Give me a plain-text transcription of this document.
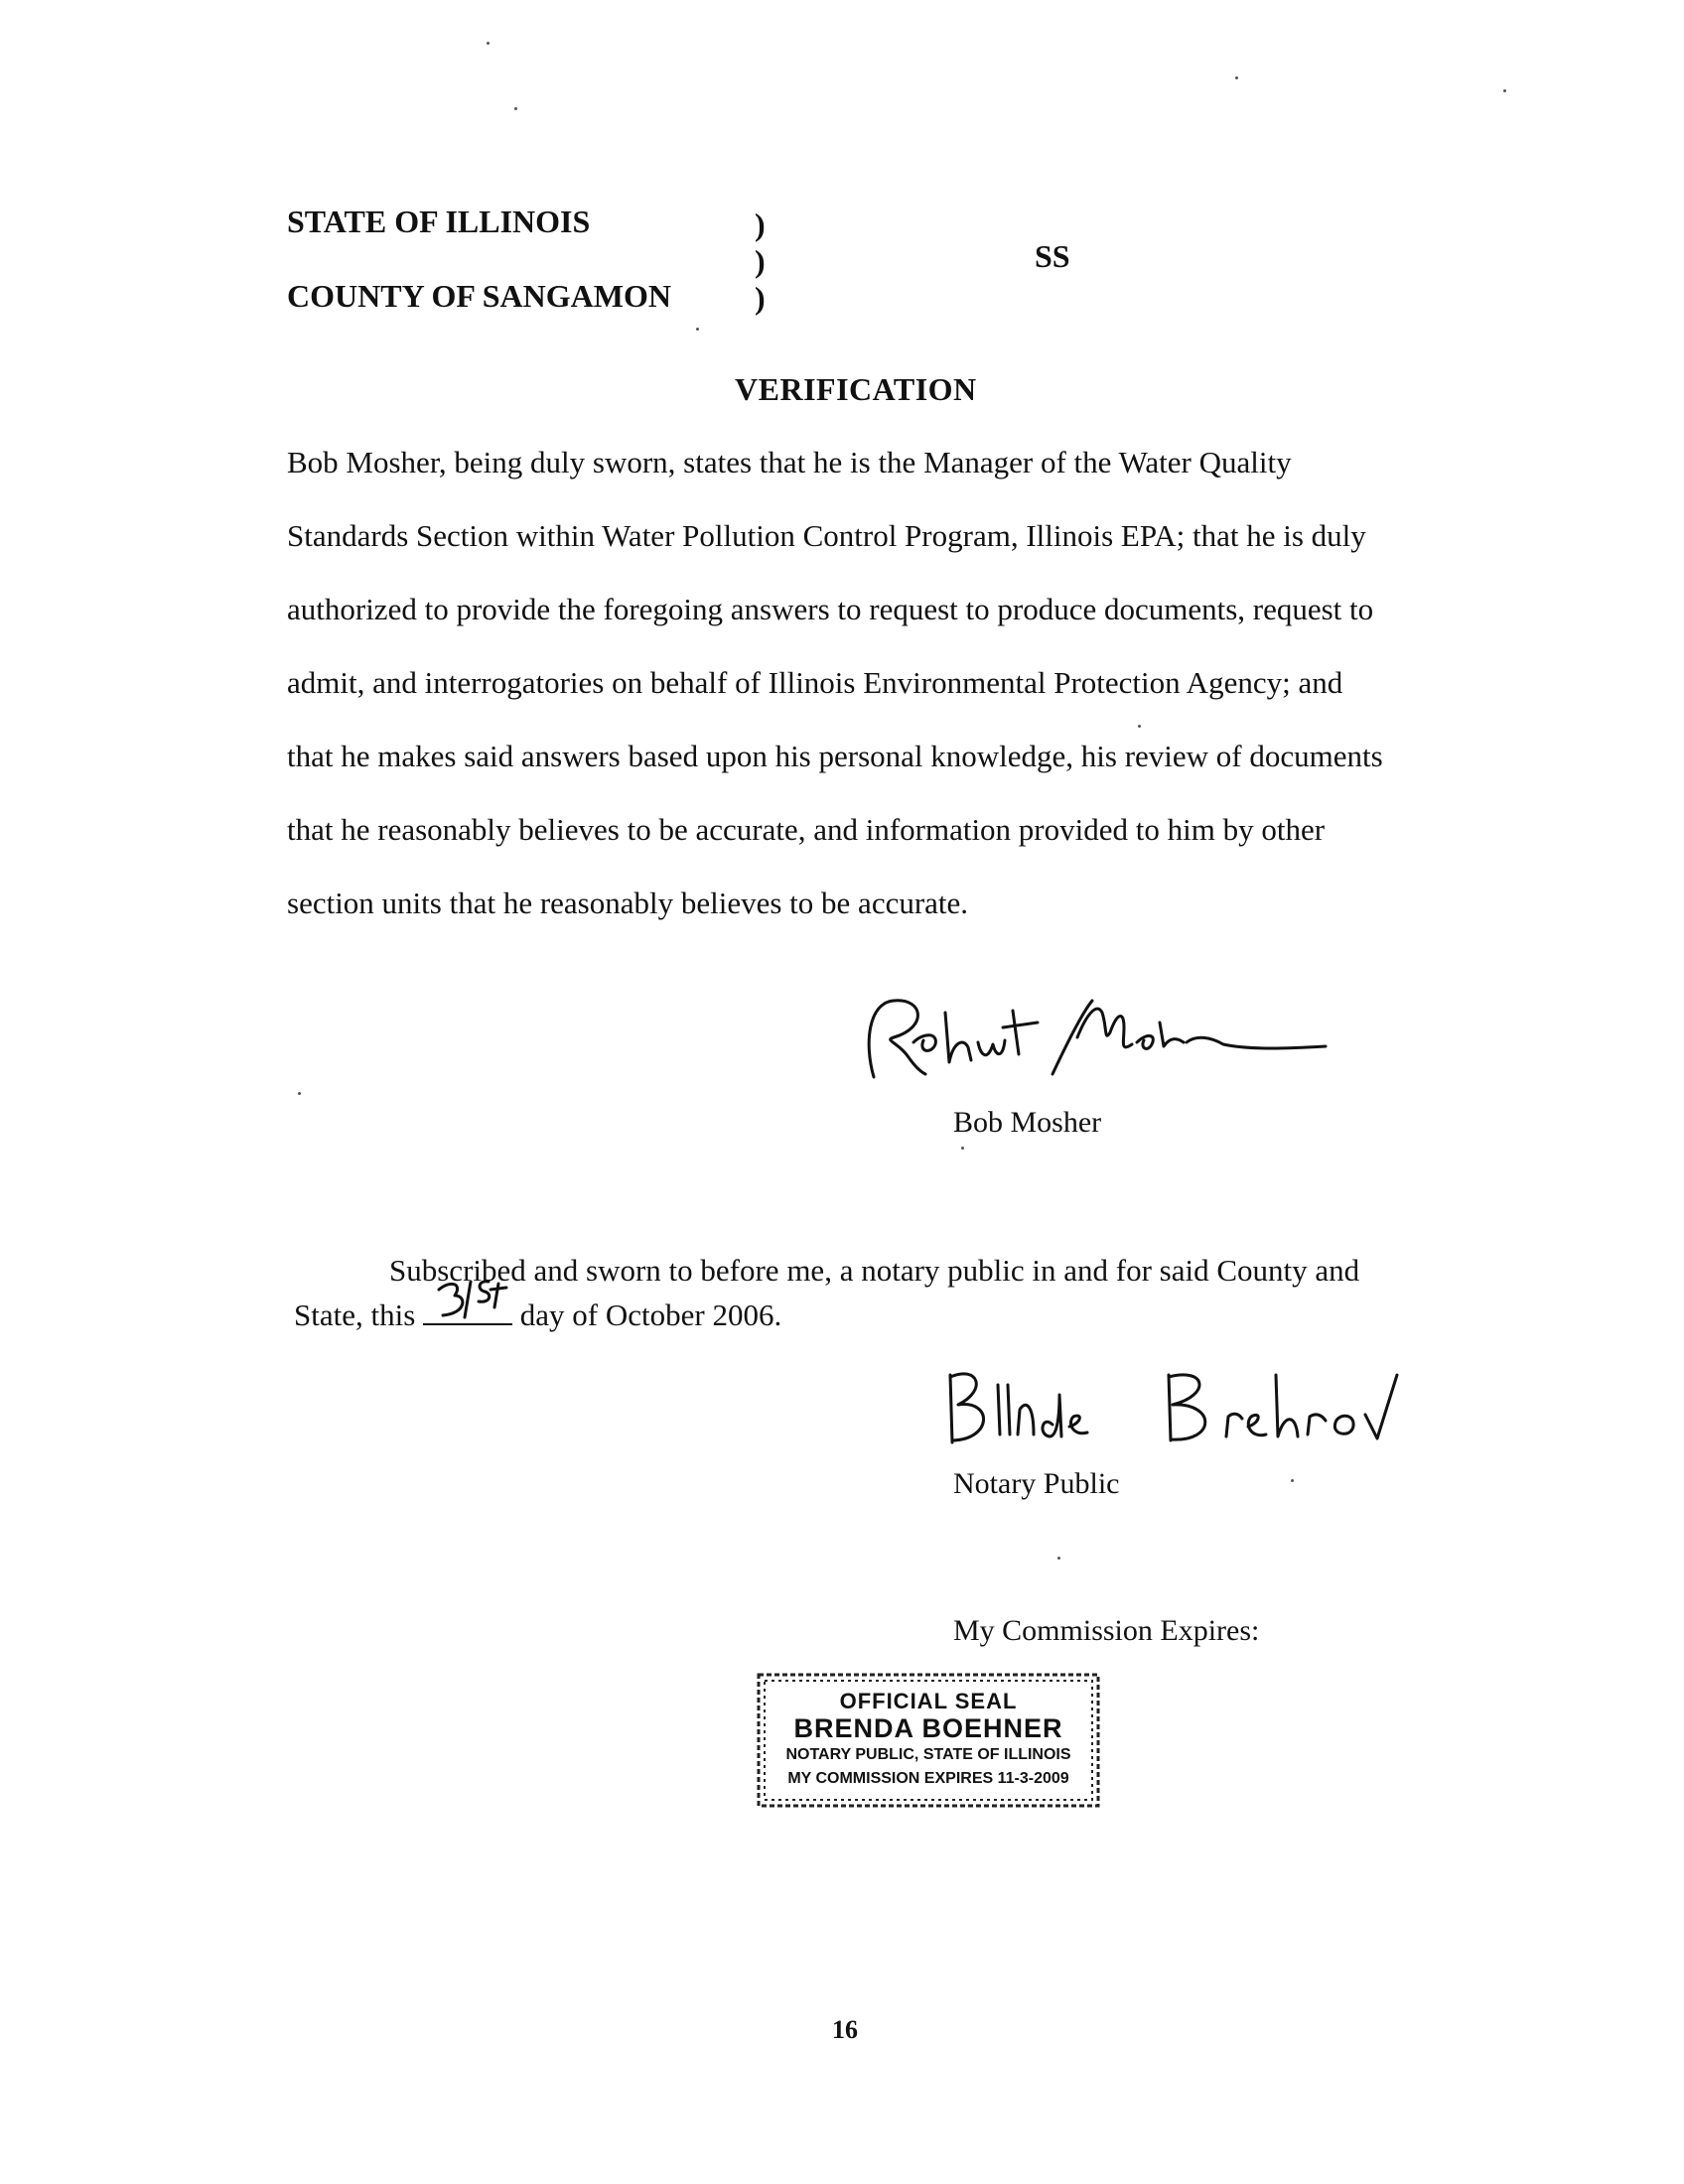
STATE OF ILLINOIS
COUNTY OF SANGAMON
)
)
)
SS
VERIFICATION
Bob Mosher, being duly sworn, states that he is the Manager of the Water Quality
Standards Section within Water Pollution Control Program, Illinois EPA; that he is duly
authorized to provide the foregoing answers to request to produce documents, request to
admit, and interrogatories on behalf of Illinois Environmental Protection Agency; and
that he makes said answers based upon his personal knowledge, his review of documents
that he reasonably believes to be accurate, and information provided to him by other
section units that he reasonably believes to be accurate.
Bob Mosher
Subscribed and sworn to before me, a notary public in and for said County and
State, this	day of October 2006.
Notary Public
My Commission Expires:
OFFICIAL SEAL
BRENDA BOEHNER
NOTARY PUBLIC, STATE OF ILLINOIS
MY COMMISSION EXPIRES 11-3-2009
16
